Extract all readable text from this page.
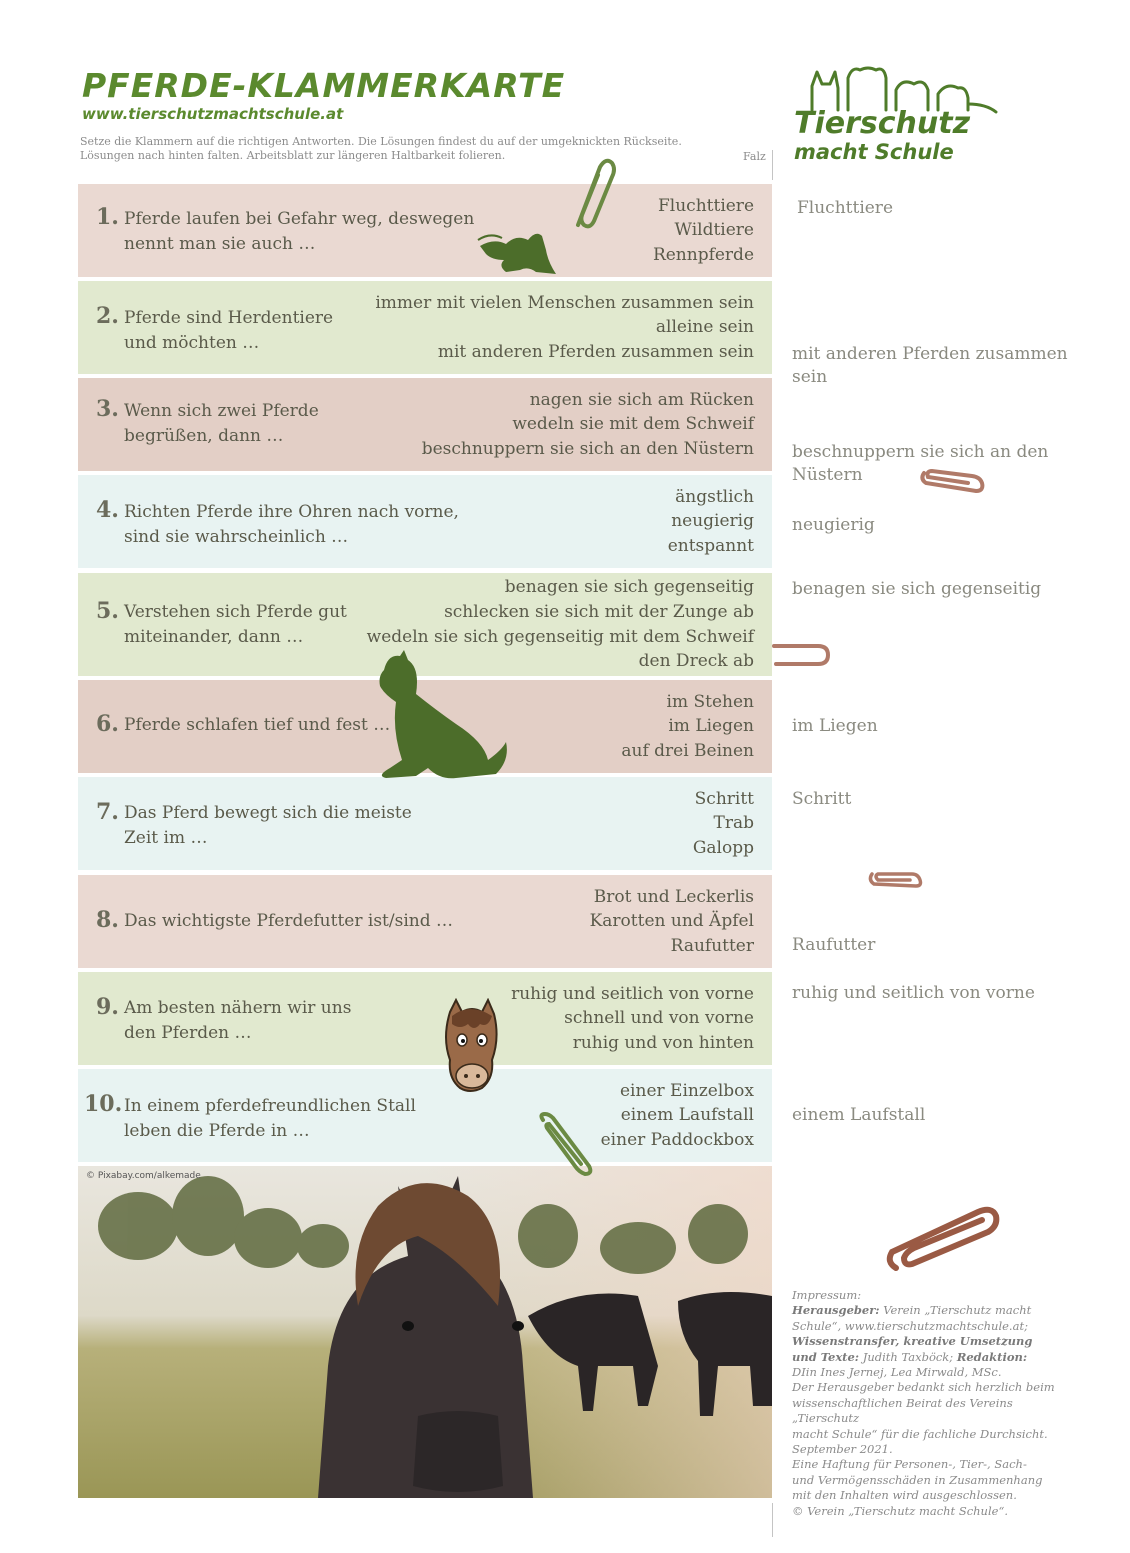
PFERDE-KLAMMERKARTE
www.tierschutzmachtschule.at
Setze die Klammern auf die richtigen Antworten. Die Lösungen findest du auf der umgeknickten Rückseite.
Lösungen nach hinten falten. Arbeitsblatt zur längeren Haltbarkeit folieren.	Falz
Tierschutz
macht Schule
1. Pferde laufen bei Gefahr weg, deswegen
nennt man sie auch …
Fluchttiere
Wildtiere
Rennpferde
Fluchttiere
2. Pferde sind Herdentiere
und möchten …
immer mit vielen Menschen zusammen sein
alleine sein
mit anderen Pferden zusammen sein mit anderen Pferden zusammen sein
3. Wenn sich zwei Pferde
begrüßen, dann …
nagen sie sich am Rücken
wedeln sie mit dem Schweif
beschnuppern sie sich an den Nüstern beschnuppern sie sich an den Nüstern
4. Richten Pferde ihre Ohren nach vorne,
sind sie wahrscheinlich …
ängstlich
neugierig
entspannt
neugierig
5. Verstehen sich Pferde gut
miteinander, dann …
benagen sie sich gegenseitig
schlecken sie sich mit der Zunge ab
wedeln sie sich gegenseitig mit dem Schweif
den Dreck ab
benagen sie sich gegenseitig
6. Pferde schlafen tief und fest …
im Stehen
im Liegen
auf drei Beinen
im Liegen
7. Das Pferd bewegt sich die meiste
Zeit im …
Schritt
Trab
Galopp
Schritt
8. Das wichtigste Pferdefutter ist/sind …
Brot und Leckerlis
Karotten und Äpfel
Raufutter Raufutter
9. Am besten nähern wir uns
den Pferden …
ruhig und seitlich von vorne
schnell und von vorne
ruhig und von hinten
ruhig und seitlich von vorne
10. In einem pferdefreundlichen Stall
leben die Pferde in …
einer Einzelbox
einem Laufstall
einer Paddockbox
einem Laufstall
© Pixabay.com/alkemade
Impressum:
Herausgeber: Verein „Tierschutz macht
Schule“, www.tierschutzmachtschule.at;
Wissenstransfer, kreative Umsetzung
und Texte: Judith Taxböck; Redaktion:
DIin Ines Jernej, Lea Mirwald, MSc.
Der Herausgeber bedankt sich herzlich beim
wissenschaftlichen Beirat des Vereins „Tierschutz
macht Schule“ für die fachliche Durchsicht.
September 2021.
Eine Haftung für Personen-, Tier-, Sach-
und Vermögensschäden in Zusammenhang
mit den Inhalten wird ausgeschlossen.
© Verein „Tierschutz macht Schule“.
